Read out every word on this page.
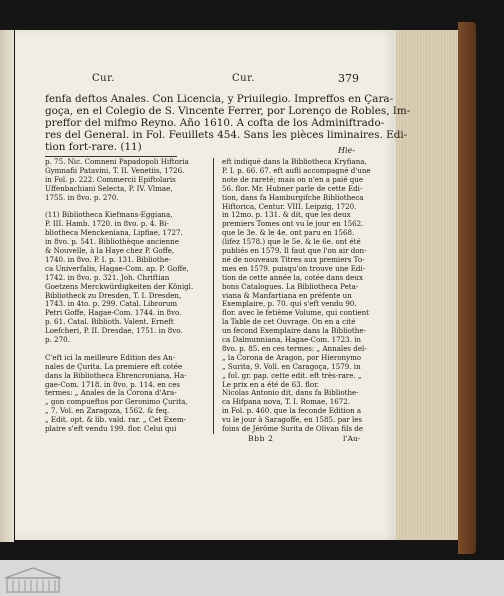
Cur.	Cur.	379

fenfa deftos Anales. Con Licencia, y Priuilegio. Impreffos en Çara-

goça, en el Colegio de S. Vincente Ferrer, por Lorenço de Robles, Im-

preffor del mifmo Reyno. Año 1610. A cofta de los Adminiftrado-

res del General. in Fol. Feuillets 454. Sans les pièces liminaires. Edi-

tion fort-rare. (11)	Hie-

p. 75. Nic. Comneni Papadopoli Hiftoria

Gymnafii Patavini, T. II. Venetiis, 1726.

in Fol. p. 222. Commercii Epiftolaris

Uffenbachiani Selecta, P. IV. Vlmae,

1755. in 8vo. p. 270.

(11) Bibliotheca Kiefmans-Eggiana,

P. III. Hamb. 1720. in 8vo. p. 4. Bi-

bliotheca Menckeniana, Lipfiae, 1727.

in 8vo. p. 541. Bibliothèque ancienne

& Nouvelle, à la Haye chez P. Goffe,

1740. in 8vo. P. I. p. 131. Bibliothe-

ca Univerfalis, Hagae-Com. ap. P. Goffe,

1742. in 8vo. p. 321. Joh. Chriftian

Goetzens Merckwürdigkeiten der Königl.

Bibliotheck zu Dresden, T. I. Dresden,

1743. in 4to. p. 299. Catal. Librorum

Petri Goffe, Hagae-Com. 1744. in 8vo.

p. 61. Catal. Biblioth. Valent. Erneft

Loefcheri, P. II. Dresdae, 1751. in 8vo.

p. 270.

C'eft ici la meilleure Edition des An-

nales de Çurita. La premiere eft cotée

dans la Bibliotheca Ehrencroniana, Ha-

gae-Com. 1718. in 8vo. p. 114. en ces

termes: „ Anales de la Corona d'Ara-

„ gon compueftos por Geronimo Çurita,

„ 7. Vol. en Zaragoza, 1562. & feq.

„ Edit. opt. & lib. vald. rar. „ Cet Exem-

plaire s'eft vendu 199. flor. Celui qui

eft indiqué dans la Bibliotheca Kryfiana,

P. I. p. 66. 67. eft aufli accompagné d'une

note de rareté; mais on n'en a paié que

56. flor. Mr. Hubner parle de cette Edi-

tion, dans fa Hamburgifche Bibliotheca

Hiftorica, Centur. VIII. Leipzig, 1720.

in 12mo. p. 131. & dit, que les deux

premiers Tomes ont vu le jour en 1562.

que le 3e. & le 4e. ont paru en 1568.

(lifez 1578.) que le 5e. & le 6e. ont été

publiés en 1579. Il faut que l'on air don-

né de nouveaux Titres aux premiers To-

mes en 1579. puisqu'on trouve une Edi-

tion de cette année la, cotée dans deux

bons Catalogues. La Bibliotheca Peta-

viana & Manfartiana en préfente un

Exemplaire, p. 70. qui s'eft vendu 90.

flor. avec le fetième Volume, qui contient

la Table de cet Ouvrage. On en a cité

un fecond Exemplaire dans la Bibliothe-

ca Dalmunniana, Hagae-Com. 1723. in

8vo. p. 85. en ces termes: „ Annales del-

„ la Corona de Aragon, por Hieronymo

„ Surita, 9. Voll. en Caragoça, 1579. in

„ fol. gr. pap. cette edit. eft très-rare. „

Le prix en a été de 63. flor.

Nicolas Antonio dit, dans fa Bibliothe-

ca Hifpana nova, T. I. Romae, 1672.

in Fol. p. 460. que la feconde Edition a

vu le jour à Saragoffe, en 1585. par les

foins de Jérôme Surita de Olivan fils de

Bbb 2	l'Au-
